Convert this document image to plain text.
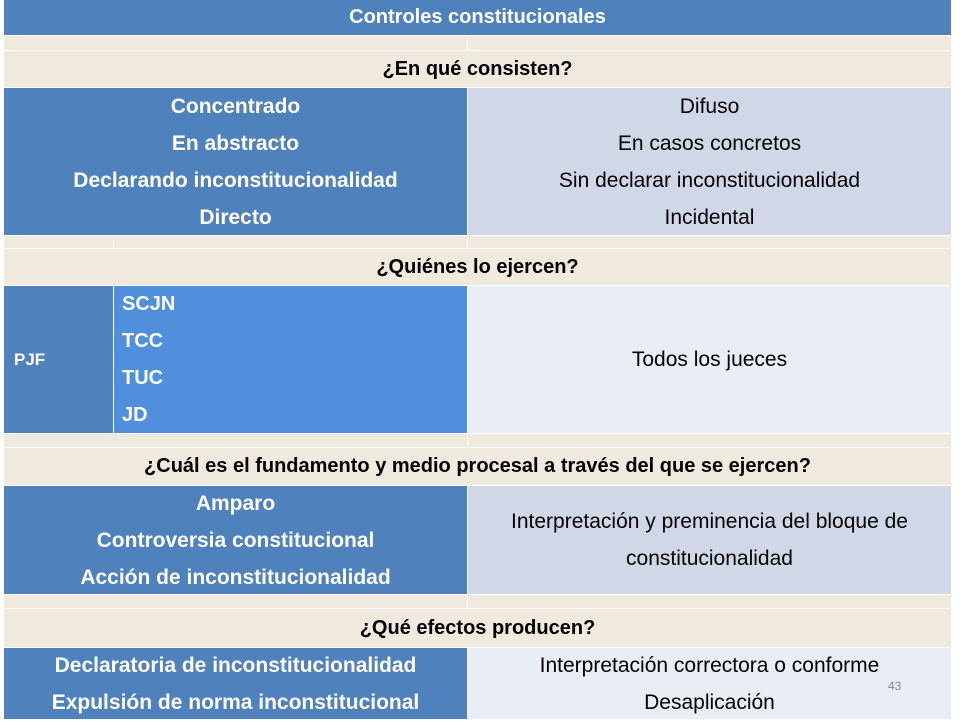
Controles constitucionales
¿En qué consisten?
Concentrado
En abstracto
Declarando inconstitucionalidad
Directo
Difuso
En casos concretos
Sin declarar inconstitucionalidad
Incidental
¿Quiénes lo ejercen?
PJF
SCJN
TCC
TUC
JD
Todos los jueces
¿Cuál es el fundamento y medio procesal a través del que se ejercen?
Amparo
Controversia constitucional
Acción de inconstitucionalidad
Interpretación y preminencia del bloque de
constitucionalidad
¿Qué efectos producen?
Declaratoria de inconstitucionalidad
Expulsión de norma inconstitucional
Interpretación correctora o conforme
Desaplicación
43
